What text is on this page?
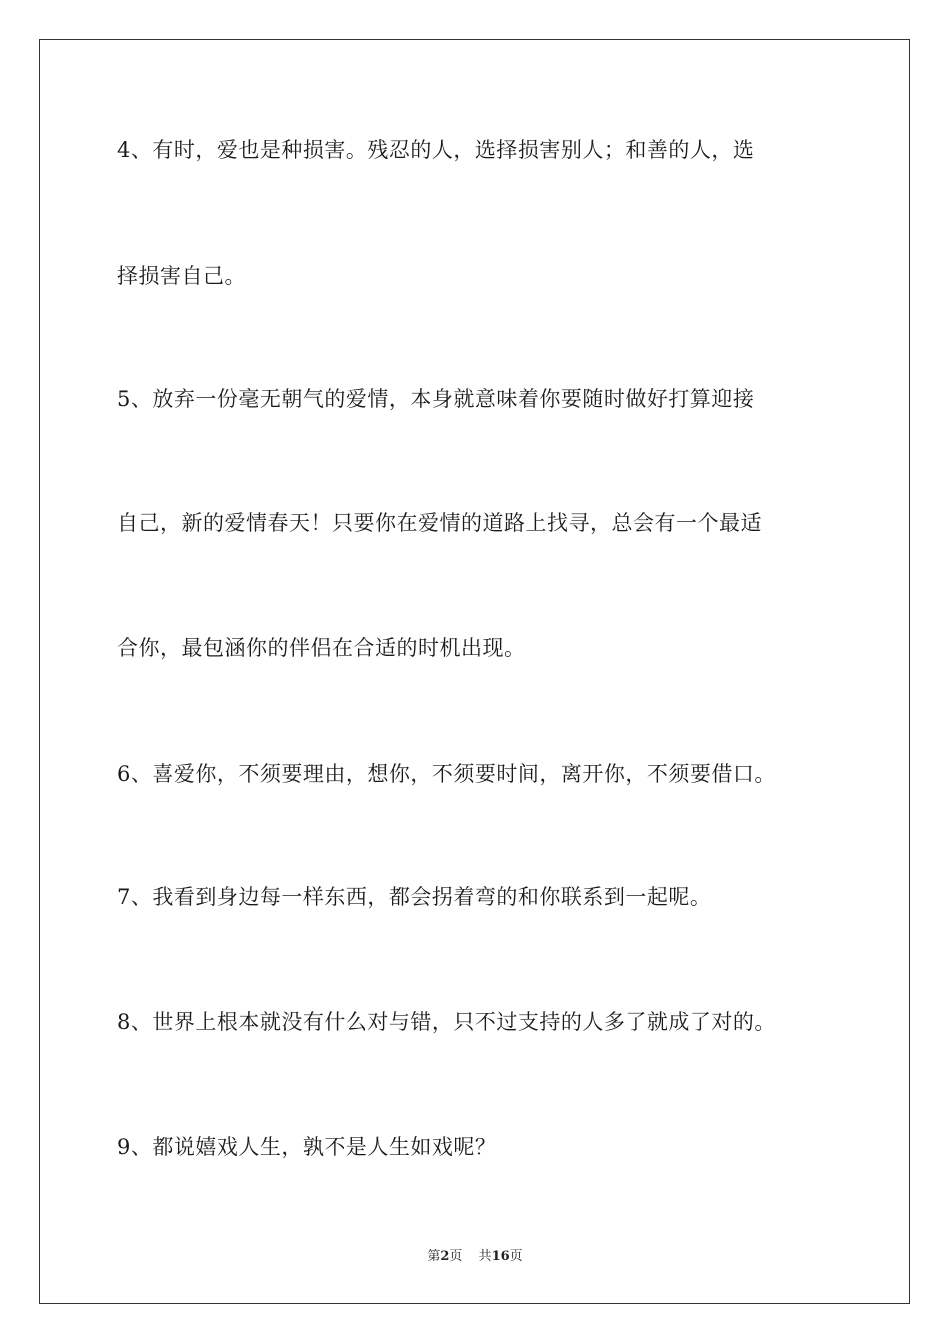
4、有时，爱也是种损害。残忍的人，选择损害别人；和善的人，选
择损害自己。
5、放弃一份毫无朝气的爱情，本身就意味着你要随时做好打算迎接
自己，新的爱情春天！只要你在爱情的道路上找寻，总会有一个最适
合你，最包涵你的伴侣在合适的时机出现。
6、喜爱你，不须要理由，想你，不须要时间，离开你，不须要借口。
7、我看到身边每一样东西，都会拐着弯的和你联系到一起呢。
8、世界上根本就没有什么对与错，只不过支持的人多了就成了对的。
9、都说嬉戏人生，孰不是人生如戏呢？
第2页 共16页
